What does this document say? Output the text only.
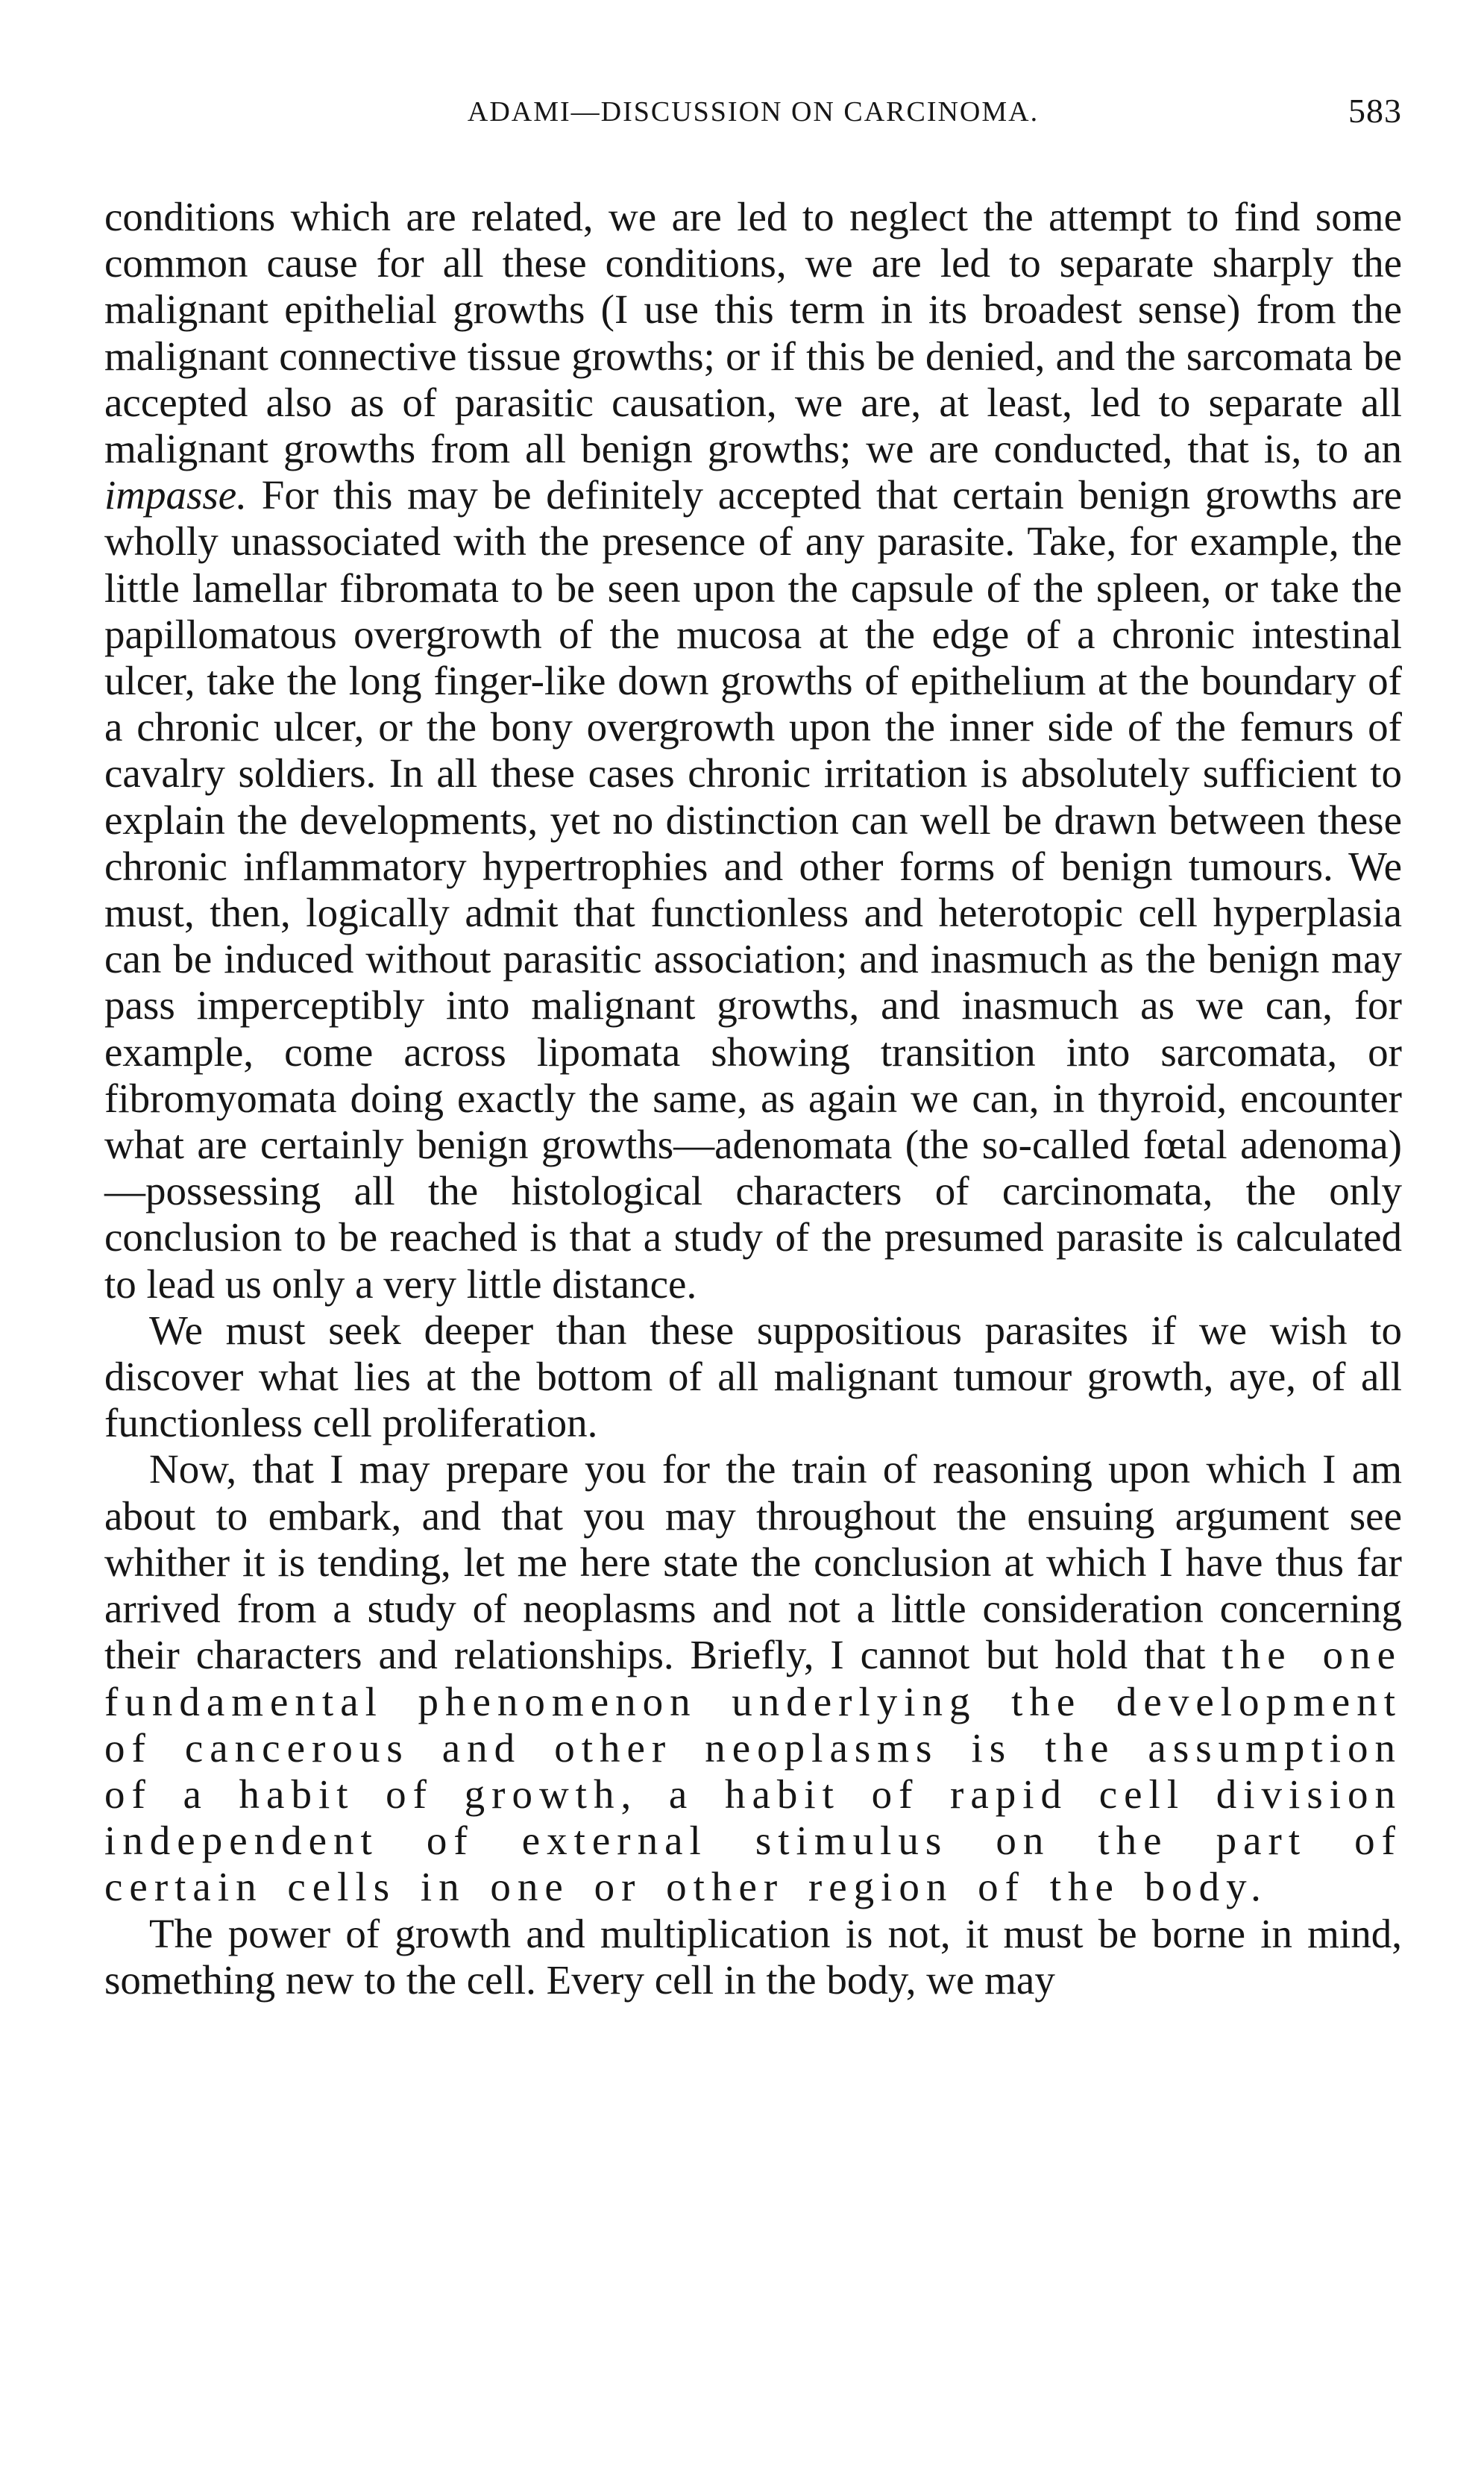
ADAMI—DISCUSSION ON CARCINOMA.	583

conditions which are related, we are led to neglect the attempt to find some common cause for all these conditions, we are led to separate sharply the malignant epithelial growths (I use this term in its broadest sense) from the malignant connective tissue growths; or if this be denied, and the sarcomata be accepted also as of parasitic causation, we are, at least, led to separate all malignant growths from all benign growths; we are conducted, that is, to an impasse. For this may be definitely accepted that certain benign growths are wholly unassociated with the presence of any parasite. Take, for example, the little lamellar fibromata to be seen upon the capsule of the spleen, or take the papillomatous overgrowth of the mucosa at the edge of a chronic intestinal ulcer, take the long finger-like down growths of epithelium at the boundary of a chronic ulcer, or the bony overgrowth upon the inner side of the femurs of cavalry soldiers. In all these cases chronic irritation is absolutely sufficient to explain the developments, yet no distinction can well be drawn between these chronic inflammatory hypertrophies and other forms of benign tumours. We must, then, logically admit that functionless and heterotopic cell hyperplasia can be induced without parasitic association; and inasmuch as the benign may pass imperceptibly into malignant growths, and inasmuch as we can, for example, come across lipomata showing transition into sarcomata, or fibromyomata doing exactly the same, as again we can, in thyroid, encounter what are certainly benign growths—adenomata (the so-called fœtal adenoma)—possessing all the histological characters of carcinomata, the only conclusion to be reached is that a study of the presumed parasite is calculated to lead us only a very little distance.

We must seek deeper than these suppositious parasites if we wish to discover what lies at the bottom of all malignant tumour growth, aye, of all functionless cell proliferation.

Now, that I may prepare you for the train of reasoning upon which I am about to embark, and that you may throughout the ensuing argument see whither it is tending, let me here state the conclusion at which I have thus far arrived from a study of neoplasms and not a little consideration concerning their characters and relationships. Briefly, I cannot but hold that the one fundamental phenomenon underlying the development of cancerous and other neoplasms is the assumption of a habit of growth, a habit of rapid cell division independent of external stimulus on the part of certain cells in one or other region of the body.

The power of growth and multiplication is not, it must be borne in mind, something new to the cell. Every cell in the body, we may
